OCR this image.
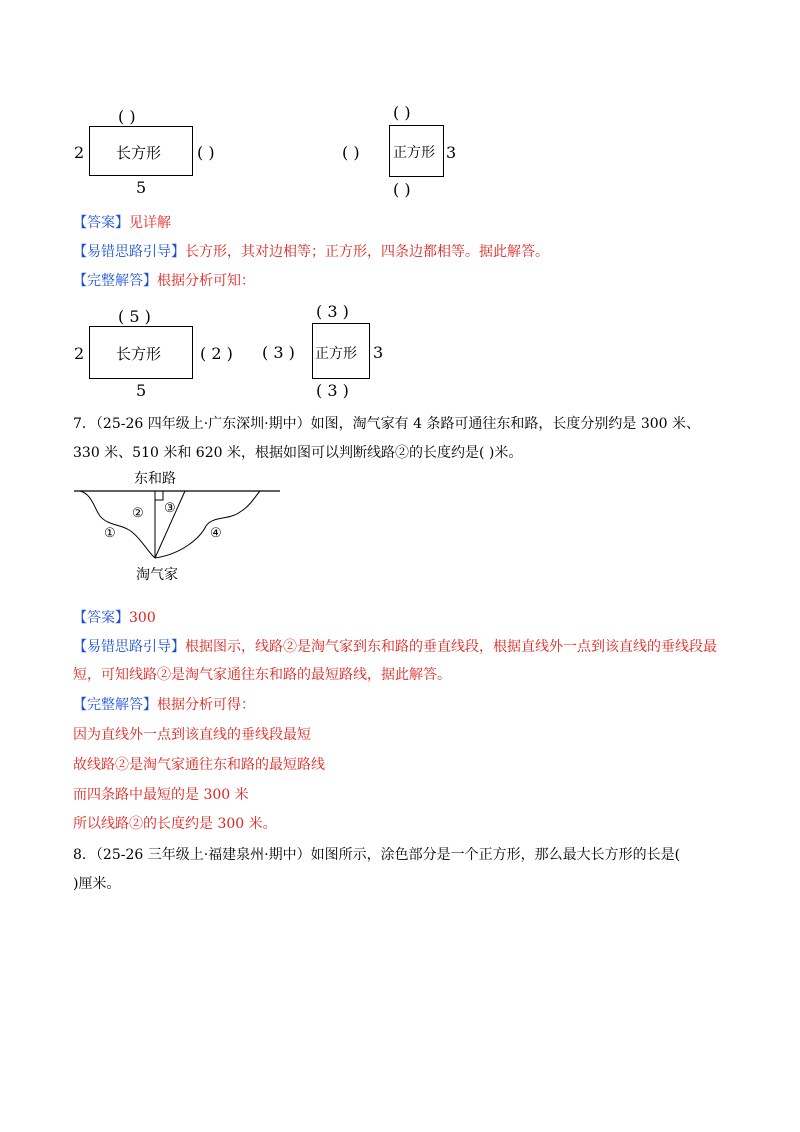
( )
2 长方形 ( )
5
( )
( ) 正方形 3
( )
【答案】见详解
【易错思路引导】长方形，其对边相等；正方形，四条边都相等。据此解答。
【完整解答】根据分析可知：
( 5 )
2 长方形 ( 2 )
5
( 3 )
( 3 ) 正方形 3
( 3 )
7．（25-26 四年级上·广东深圳·期中）如图，淘气家有 4 条路可通往东和路，长度分别约是 300 米、
330 米、510 米和 620 米，根据如图可以判断线路②的长度约是( )米。
东和路
①
② ③
④
淘气家
【答案】300
【易错思路引导】根据图示，线路②是淘气家到东和路的垂直线段，根据直线外一点到该直线的垂线段最
短，可知线路②是淘气家通往东和路的最短路线，据此解答。
【完整解答】根据分析可得：
因为直线外一点到该直线的垂线段最短
故线路②是淘气家通往东和路的最短路线
而四条路中最短的是 300 米
所以线路②的长度约是 300 米。
8．（25-26 三年级上·福建泉州·期中）如图所示，涂色部分是一个正方形，那么最大长方形的长是(
)厘米。
